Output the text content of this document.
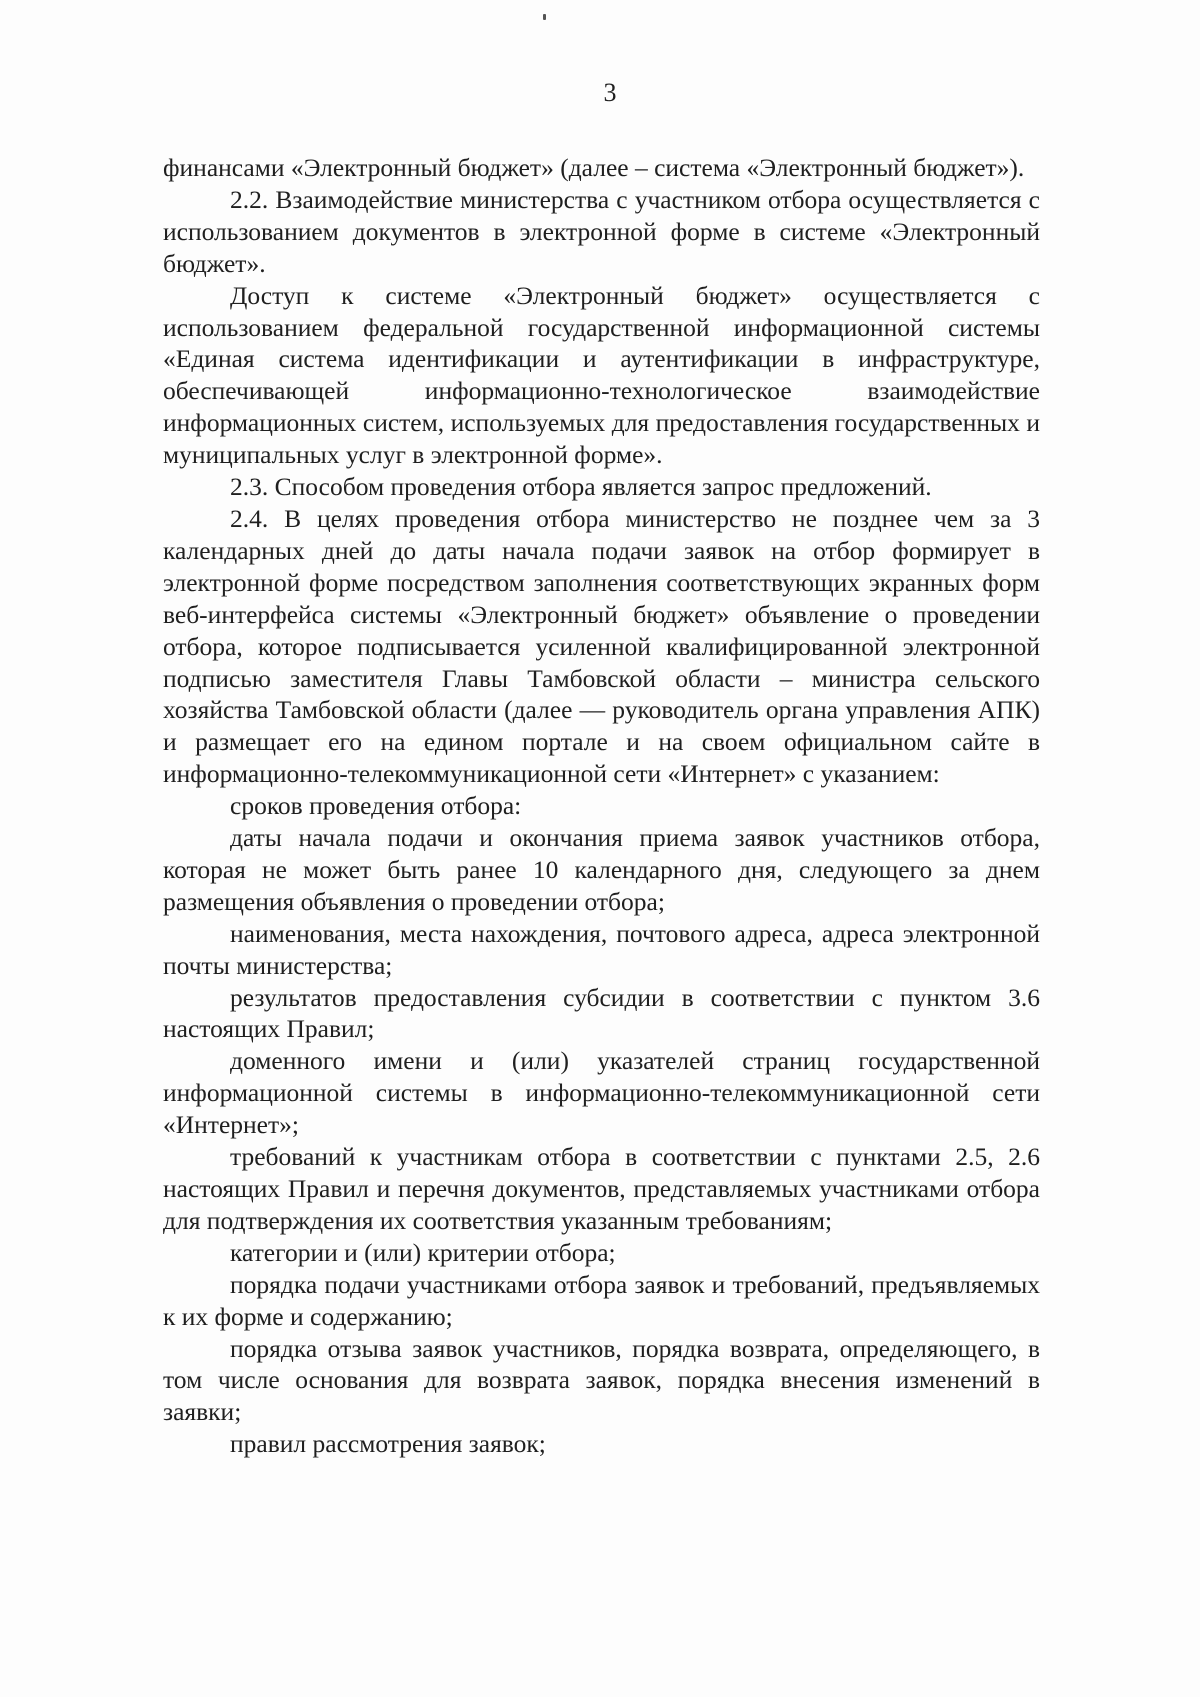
3

финансами «Электронный бюджет» (далее – система «Электронный бюджет»).

2.2. Взаимодействие министерства с участником отбора осуществляется с использованием документов в электронной форме в системе «Электронный бюджет».

Доступ к системе «Электронный бюджет» осуществляется с использованием федеральной государственной информационной системы «Единая система идентификации и аутентификации в инфраструктуре, обеспечивающей информационно-технологическое взаимодействие информационных систем, используемых для предоставления государственных и муниципальных услуг в электронной форме».

2.3. Способом проведения отбора является запрос предложений.

2.4. В целях проведения отбора министерство не позднее чем за 3 календарных дней до даты начала подачи заявок на отбор формирует в электронной форме посредством заполнения соответствующих экранных форм веб-интерфейса системы «Электронный бюджет» объявление о проведении отбора, которое подписывается усиленной квалифицированной электронной подписью заместителя Главы Тамбовской области – министра сельского хозяйства Тамбовской области (далее — руководитель органа управления АПК) и размещает его на едином портале и на своем официальном сайте в информационно-телекоммуникационной сети «Интернет» с указанием:

сроков проведения отбора:

даты начала подачи и окончания приема заявок участников отбора, которая не может быть ранее 10 календарного дня, следующего за днем размещения объявления о проведении отбора;

наименования, места нахождения, почтового адреса, адреса электронной почты министерства;

результатов предоставления субсидии в соответствии с пунктом 3.6 настоящих Правил;

доменного имени и (или) указателей страниц государственной информационной системы в информационно-телекоммуникационной сети «Интернет»;

требований к участникам отбора в соответствии с пунктами 2.5, 2.6 настоящих Правил и перечня документов, представляемых участниками отбора для подтверждения их соответствия указанным требованиям;

категории и (или) критерии отбора;

порядка подачи участниками отбора заявок и требований, предъявляемых к их форме и содержанию;

порядка отзыва заявок участников, порядка возврата, определяющего, в том числе основания для возврата заявок, порядка внесения изменений в заявки;

правил рассмотрения заявок;
